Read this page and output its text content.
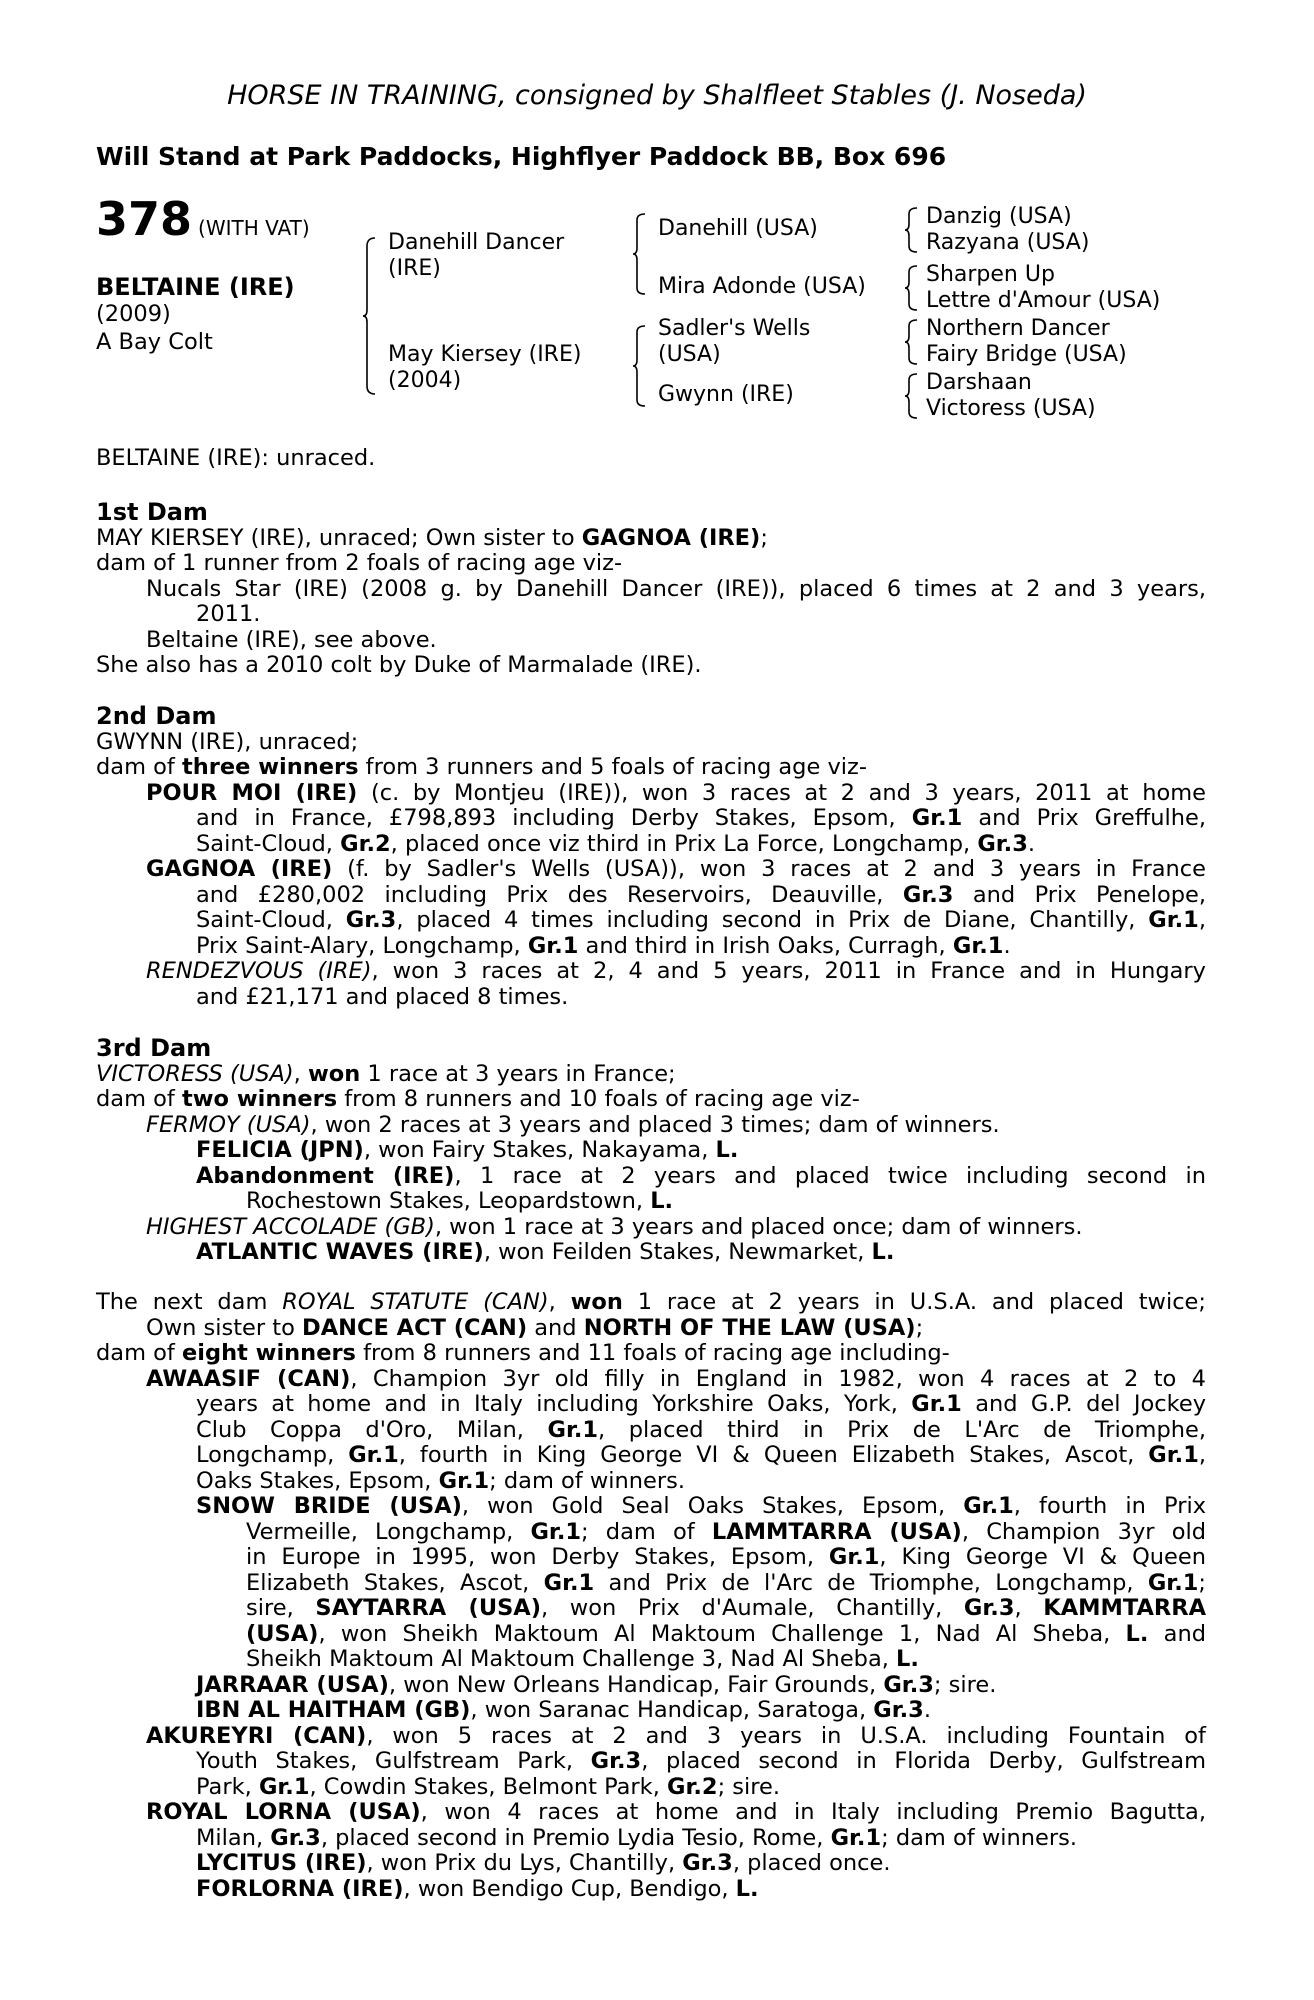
HORSE IN TRAINING, consigned by Shalfleet Stables (J. Noseda)
Will Stand at Park Paddocks, Highflyer Paddock BB, Box 696
378 (WITH VAT)
BELTAINE (IRE)
(2009)
A Bay Colt
Danehill Dancer
(IRE)
May Kiersey (IRE)
(2004)
Danehill (USA)
Mira Adonde (USA)
Sadler's Wells
(USA)
Gwynn (IRE)
Danzig (USA)
Razyana (USA)
Sharpen Up
Lettre d'Amour (USA)
Northern Dancer
Fairy Bridge (USA)
Darshaan
Victoress (USA)
BELTAINE (IRE): unraced.
1st Dam
MAY KIERSEY (IRE), unraced; Own sister to GAGNOA (IRE);
dam of 1 runner from 2 foals of racing age viz-
Nucals Star (IRE) (2008 g. by Danehill Dancer (IRE)), placed 6 times at 2 and 3 years,
2011.
Beltaine (IRE), see above.
She also has a 2010 colt by Duke of Marmalade (IRE).
2nd Dam
GWYNN (IRE), unraced;
dam of three winners from 3 runners and 5 foals of racing age viz-
POUR MOI (IRE) (c. by Montjeu (IRE)), won 3 races at 2 and 3 years, 2011 at home
and in France, £798,893 including Derby Stakes, Epsom, Gr.1 and Prix Greffulhe,
Saint-Cloud, Gr.2, placed once viz third in Prix La Force, Longchamp, Gr.3.
GAGNOA (IRE) (f. by Sadler's Wells (USA)), won 3 races at 2 and 3 years in France
and £280,002 including Prix des Reservoirs, Deauville, Gr.3 and Prix Penelope,
Saint-Cloud, Gr.3, placed 4 times including second in Prix de Diane, Chantilly, Gr.1,
Prix Saint-Alary, Longchamp, Gr.1 and third in Irish Oaks, Curragh, Gr.1.
RENDEZVOUS (IRE), won 3 races at 2, 4 and 5 years, 2011 in France and in Hungary
and £21,171 and placed 8 times.
3rd Dam
VICTORESS (USA), won 1 race at 3 years in France;
dam of two winners from 8 runners and 10 foals of racing age viz-
FERMOY (USA), won 2 races at 3 years and placed 3 times; dam of winners.
FELICIA (JPN), won Fairy Stakes, Nakayama, L.
Abandonment (IRE), 1 race at 2 years and placed twice including second in
Rochestown Stakes, Leopardstown, L.
HIGHEST ACCOLADE (GB), won 1 race at 3 years and placed once; dam of winners.
ATLANTIC WAVES (IRE), won Feilden Stakes, Newmarket, L.
The next dam ROYAL STATUTE (CAN), won 1 race at 2 years in U.S.A. and placed twice;
Own sister to DANCE ACT (CAN) and NORTH OF THE LAW (USA);
dam of eight winners from 8 runners and 11 foals of racing age including-
AWAASIF (CAN), Champion 3yr old filly in England in 1982, won 4 races at 2 to 4
years at home and in Italy including Yorkshire Oaks, York, Gr.1 and G.P. del Jockey
Club Coppa d'Oro, Milan, Gr.1, placed third in Prix de L'Arc de Triomphe,
Longchamp, Gr.1, fourth in King George VI & Queen Elizabeth Stakes, Ascot, Gr.1,
Oaks Stakes, Epsom, Gr.1; dam of winners.
SNOW BRIDE (USA), won Gold Seal Oaks Stakes, Epsom, Gr.1, fourth in Prix
Vermeille, Longchamp, Gr.1; dam of LAMMTARRA (USA), Champion 3yr old
in Europe in 1995, won Derby Stakes, Epsom, Gr.1, King George VI & Queen
Elizabeth Stakes, Ascot, Gr.1 and Prix de l'Arc de Triomphe, Longchamp, Gr.1;
sire, SAYTARRA (USA), won Prix d'Aumale, Chantilly, Gr.3, KAMMTARRA
(USA), won Sheikh Maktoum Al Maktoum Challenge 1, Nad Al Sheba, L. and
Sheikh Maktoum Al Maktoum Challenge 3, Nad Al Sheba, L.
JARRAAR (USA), won New Orleans Handicap, Fair Grounds, Gr.3; sire.
IBN AL HAITHAM (GB), won Saranac Handicap, Saratoga, Gr.3.
AKUREYRI (CAN), won 5 races at 2 and 3 years in U.S.A. including Fountain of
Youth Stakes, Gulfstream Park, Gr.3, placed second in Florida Derby, Gulfstream
Park, Gr.1, Cowdin Stakes, Belmont Park, Gr.2; sire.
ROYAL LORNA (USA), won 4 races at home and in Italy including Premio Bagutta,
Milan, Gr.3, placed second in Premio Lydia Tesio, Rome, Gr.1; dam of winners.
LYCITUS (IRE), won Prix du Lys, Chantilly, Gr.3, placed once.
FORLORNA (IRE), won Bendigo Cup, Bendigo, L.
